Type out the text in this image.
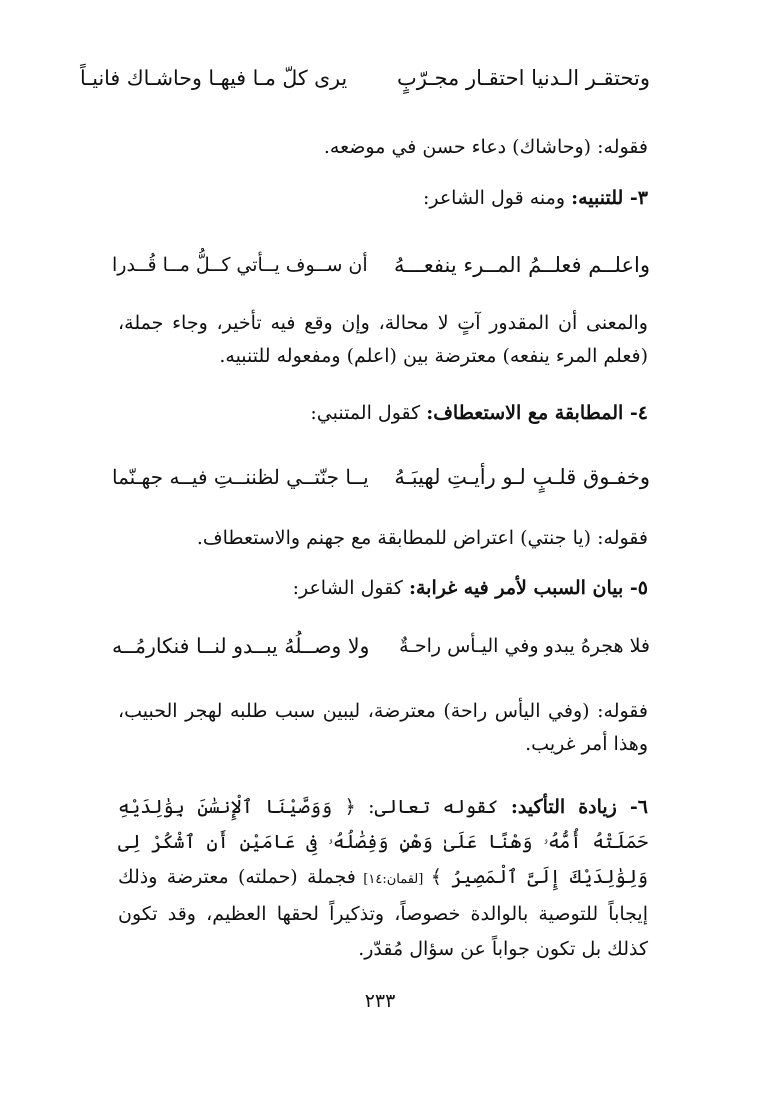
وتحتقـر الـدنيا احتقـار مجـرّبٍ
يرى كلّ مـا فيهـا وحاشـاك فانيـاً
فقوله: (وحاشاك) دعاء حسن في موضعه.
٣- للتنبيه: ومنه قول الشاعر:
واعلــم فعلــمُ المــرء ينفعـــهُ
أن ســوف يــأتي كــلُّ مــا قُــدرا
والمعنى أن المقدور آتٍ لا محالة، وإن وقع فيه تأخير، وجاء جملة، (فعلم المرء ينفعه) معترضة بين (اعلم) ومفعوله للتنبيه.
٤- المطابقة مع الاستعطاف: كقول المتنبي:
وخفـوق قلـبٍ لـو رأيـتِ لهيبَـهُ
يــا جنّتــي لظننــتِ فيــه جهـنّما
فقوله: (يا جنتي) اعتراض للمطابقة مع جهنم والاستعطاف.
٥- بيان السبب لأمر فيه غرابة: كقول الشاعر:
فلا هجرهُ يبدو وفي اليـأس راحـةٌ
ولا وصــلُهُ يبــدو لنــا فنكارمُــه
فقوله: (وفي اليأس راحة) معترضة، ليبين سبب طلبه لهجر الحبيب، وهذا أمر غريب.
٦- زيادة التأكيد: كقوله تعالى: ﴿ وَوَصَّيْنَا ٱلْإِنسَٰنَ بِوَٰلِدَيْهِ حَمَلَتْهُ أُمُّهُۥ وَهْنًا عَلَىٰ وَهْنٍ وَفِصَٰلُهُۥ فِى عَامَيْنِ أَنِ ٱشْكُرْ لِى وَلِوَٰلِدَيْكَ إِلَىَّ ٱلْمَصِيرُ ﴾ [لقمان:١٤] فجملة (حملته) معترضة وذلك إيجاباً للتوصية بالوالدة خصوصاً، وتذكيراً لحقها العظيم، وقد تكون كذلك بل تكون جواباً عن سؤال مُقدّر.
٢٣٣
